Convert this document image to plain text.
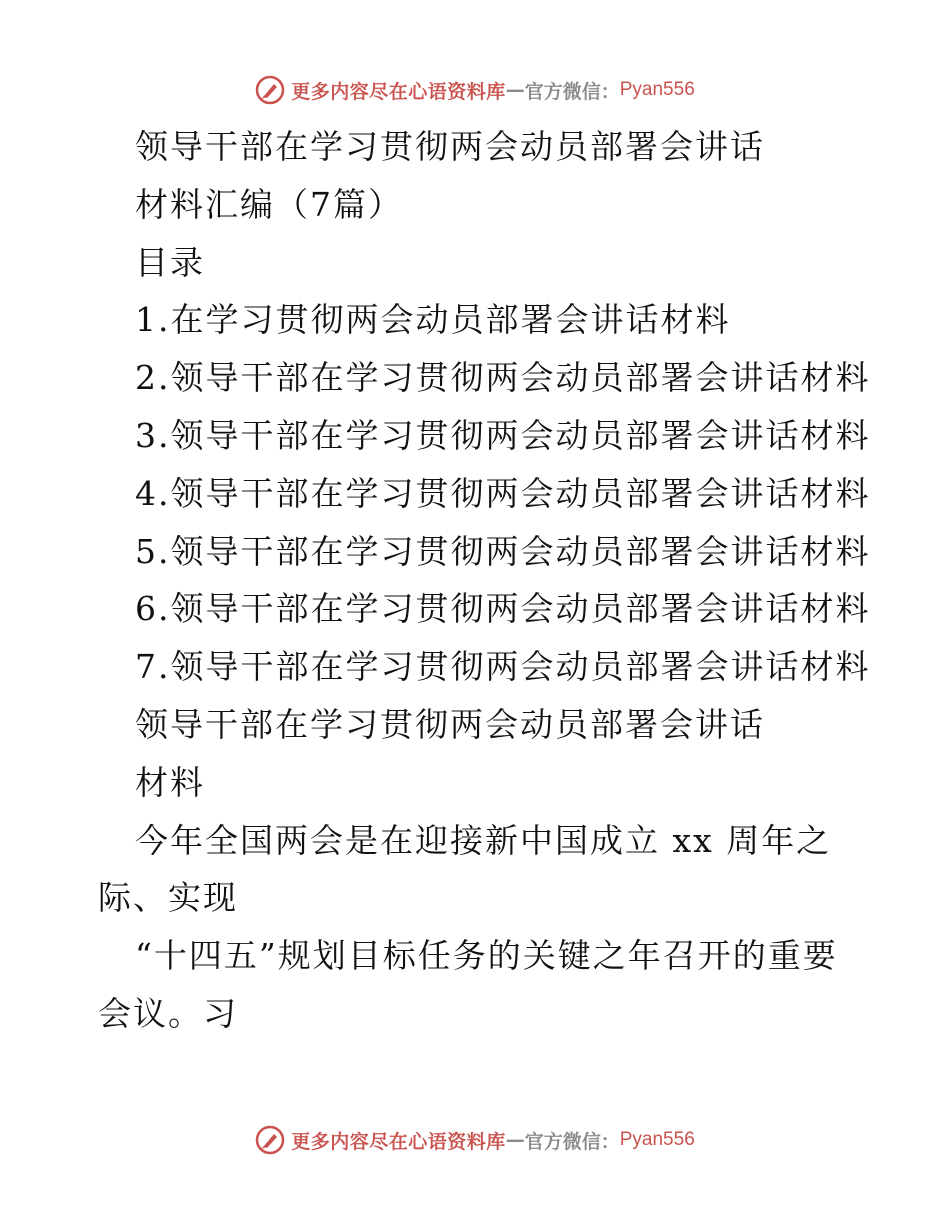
更多内容尽在心语资料库 — 官方微信： Pyan556
领导干部在学习贯彻两会动员部署会讲话
材料汇编（7篇）
目录
1.在学习贯彻两会动员部署会讲话材料
2.领导干部在学习贯彻两会动员部署会讲话材料
3.领导干部在学习贯彻两会动员部署会讲话材料
4.领导干部在学习贯彻两会动员部署会讲话材料
5.领导干部在学习贯彻两会动员部署会讲话材料
6.领导干部在学习贯彻两会动员部署会讲话材料
7.领导干部在学习贯彻两会动员部署会讲话材料
领导干部在学习贯彻两会动员部署会讲话
材料
今年全国两会是在迎接新中国成立 xx 周年之
际、实现
“十四五”规划目标任务的关键之年召开的重要
会议。习
更多内容尽在心语资料库 — 官方微信： Pyan556
